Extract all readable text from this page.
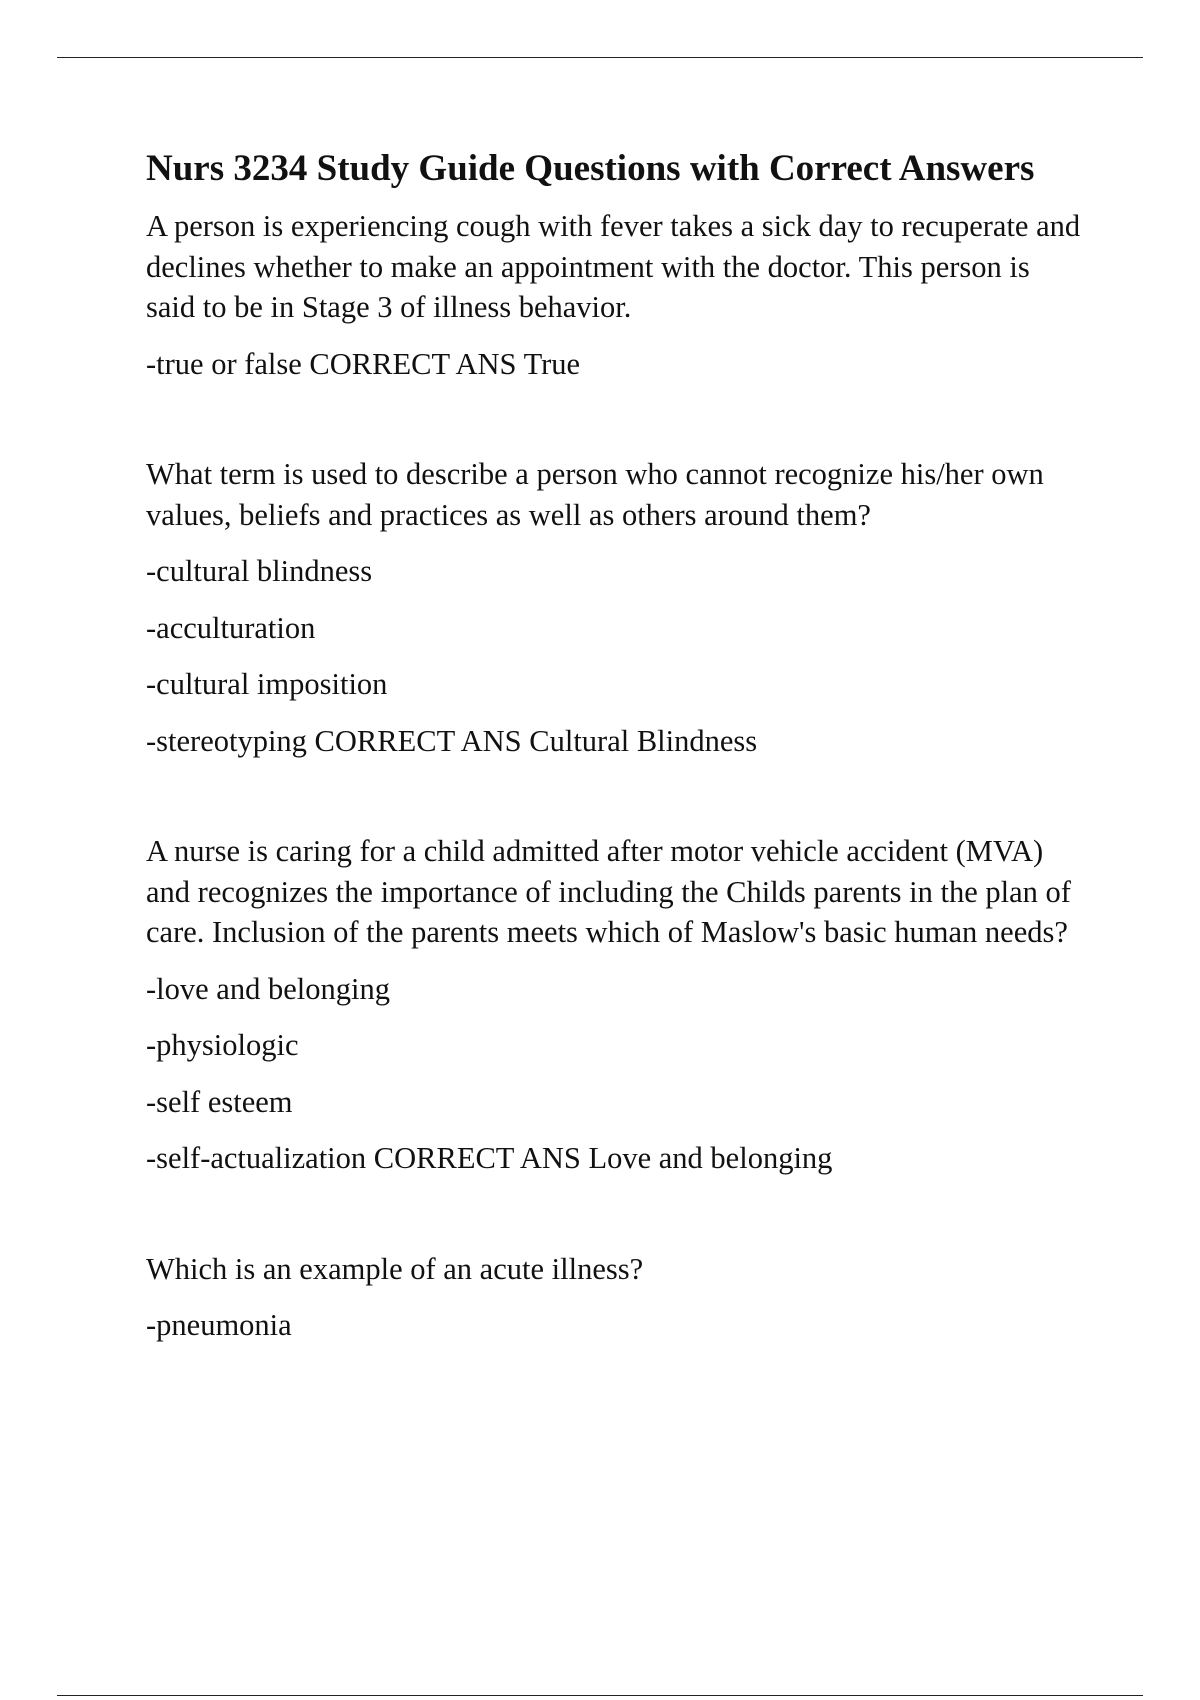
Nurs 3234 Study Guide Questions with Correct Answers

A person is experiencing cough with fever takes a sick day to recuperate and declines whether to make an appointment with the doctor. This person is said to be in Stage 3 of illness behavior.

-true or false CORRECT ANS True

What term is used to describe a person who cannot recognize his/her own values, beliefs and practices as well as others around them?

-cultural blindness

-acculturation

-cultural imposition

-stereotyping CORRECT ANS Cultural Blindness

A nurse is caring for a child admitted after motor vehicle accident (MVA) and recognizes the importance of including the Childs parents in the plan of care. Inclusion of the parents meets which of Maslow's basic human needs?

-love and belonging

-physiologic

-self esteem

-self-actualization CORRECT ANS Love and belonging

Which is an example of an acute illness?

-pneumonia
